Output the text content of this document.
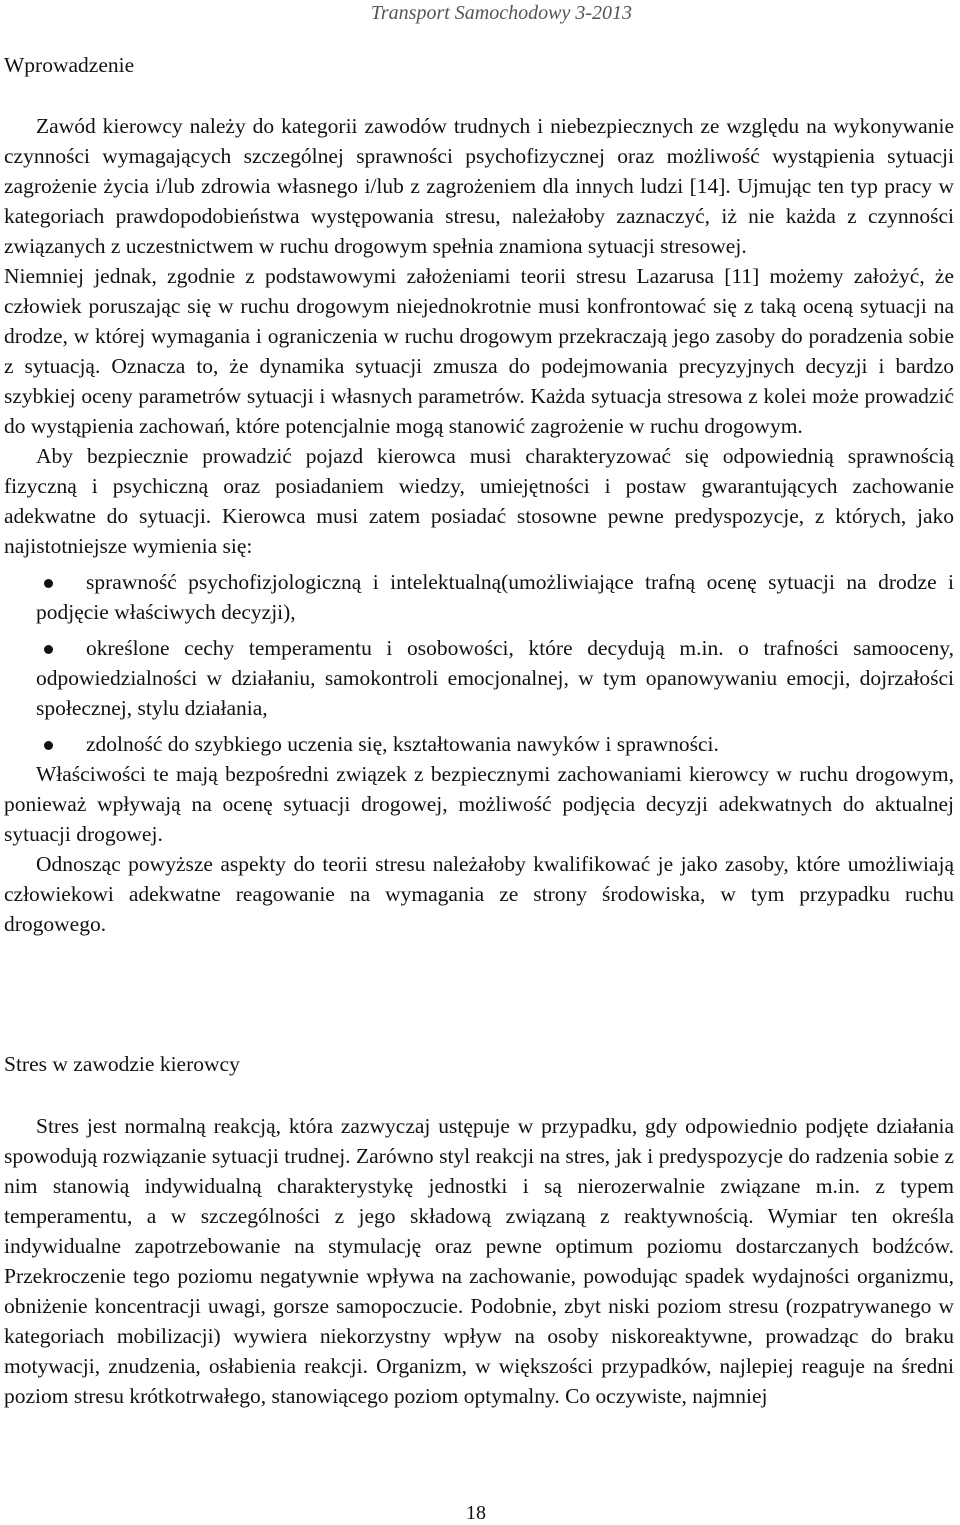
Transport Samochodowy 3-2013
Wprowadzenie

Zawód kierowcy należy do kategorii zawodów trudnych i niebezpiecznych ze względu na wykonywanie czynności wymagających szczególnej sprawności psychofizycznej oraz możliwość wystąpienia sytuacji zagrożenie życia i/lub zdrowia własnego i/lub z zagrożeniem dla innych ludzi [14]. Ujmując ten typ pracy w kategoriach prawdopodobieństwa występowania stresu, należałoby zaznaczyć, iż nie każda z czynności związanych z uczestnictwem w ruchu drogowym spełnia znamiona sytuacji stresowej.

Niemniej jednak, zgodnie z podstawowymi założeniami teorii stresu Lazarusa [11] możemy założyć, że człowiek poruszając się w ruchu drogowym niejednokrotnie musi konfrontować się z taką oceną sytuacji na drodze, w której wymagania i ograniczenia w ruchu drogowym przekraczają jego zasoby do poradzenia sobie z sytuacją. Oznacza to, że dynamika sytuacji zmusza do podejmowania precyzyjnych decyzji i bardzo szybkiej oceny parametrów sytuacji i własnych parametrów. Każda sytuacja stresowa z kolei może prowadzić do wystąpienia zachowań, które potencjalnie mogą stanowić zagrożenie w ruchu drogowym.

Aby bezpiecznie prowadzić pojazd kierowca musi charakteryzować się odpowiednią sprawnością fizyczną i psychiczną oraz posiadaniem wiedzy, umiejętności i postaw gwarantujących zachowanie adekwatne do sytuacji. Kierowca musi zatem posiadać stosowne pewne predyspozycje, z których, jako najistotniejsze wymienia się:

sprawność psychofizjologiczną i intelektualną(umożliwiające trafną ocenę sytuacji na drodze i podjęcie właściwych decyzji),
określone cechy temperamentu i osobowości, które decydują m.in. o trafności samooceny, odpowiedzialności w działaniu, samokontroli emocjonalnej, w tym opanowywaniu emocji, dojrzałości społecznej, stylu działania,
zdolność do szybkiego uczenia się, kształtowania nawyków i sprawności.

Właściwości te mają bezpośredni związek z bezpiecznymi zachowaniami kierowcy w ruchu drogowym, ponieważ wpływają na ocenę sytuacji drogowej, możliwość podjęcia decyzji adekwatnych do aktualnej sytuacji drogowej.

Odnosząc powyższe aspekty do teorii stresu należałoby kwalifikować je jako zasoby, które umożliwiają człowiekowi adekwatne reagowanie na wymagania ze strony środowiska, w tym przypadku ruchu drogowego.

Stres w zawodzie kierowcy

Stres jest normalną reakcją, która zazwyczaj ustępuje w przypadku, gdy odpowiednio podjęte działania spowodują rozwiązanie sytuacji trudnej. Zarówno styl reakcji na stres, jak i predyspozycje do radzenia sobie z nim stanowią indywidualną charakterystykę jednostki i są nierozerwalnie związane m.in. z typem temperamentu, a w szczególności z jego składową związaną z reaktywnością. Wymiar ten określa indywidualne zapotrzebowanie na stymulację oraz pewne optimum poziomu dostarczanych bodźców. Przekroczenie tego poziomu negatywnie wpływa na zachowanie, powodując spadek wydajności organizmu, obniżenie koncentracji uwagi, gorsze samopoczucie. Podobnie, zbyt niski poziom stresu (rozpatrywanego w kategoriach mobilizacji) wywiera niekorzystny wpływ na osoby niskoreaktywne, prowadząc do braku motywacji, znudzenia, osłabienia reakcji. Organizm, w większości przypadków, najlepiej reaguje na średni poziom stresu krótkotrwałego, stanowiącego poziom optymalny. Co oczywiste, najmniej

18
